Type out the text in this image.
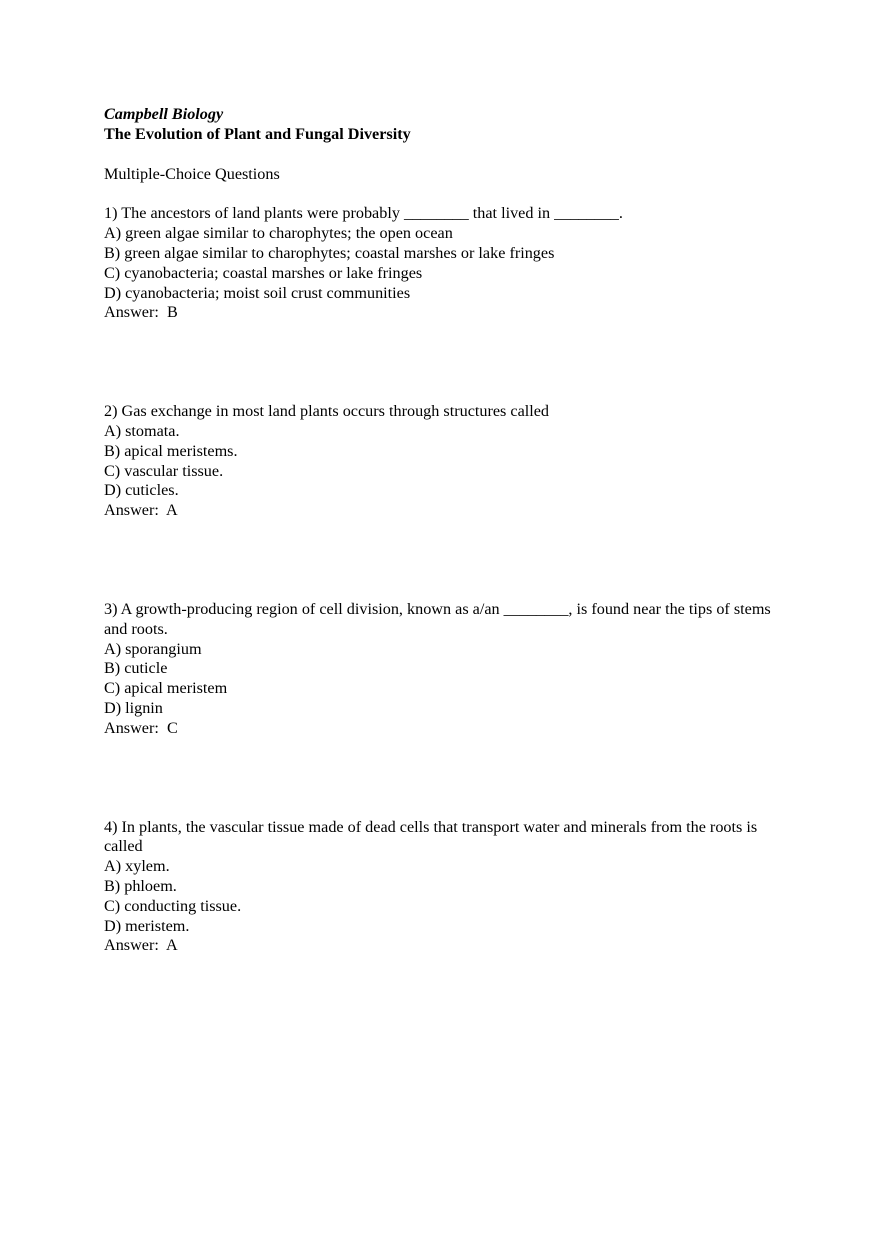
Campbell Biology
The Evolution of Plant and Fungal Diversity
Multiple-Choice Questions
1) The ancestors of land plants were probably ________ that lived in ________.
A) green algae similar to charophytes; the open ocean
B) green algae similar to charophytes; coastal marshes or lake fringes
C) cyanobacteria; coastal marshes or lake fringes
D) cyanobacteria; moist soil crust communities
Answer:  B
2) Gas exchange in most land plants occurs through structures called
A) stomata.
B) apical meristems.
C) vascular tissue.
D) cuticles.
Answer:  A
3) A growth-producing region of cell division, known as a/an ________, is found near the tips of stems and roots.
A) sporangium
B) cuticle
C) apical meristem
D) lignin
Answer:  C
4) In plants, the vascular tissue made of dead cells that transport water and minerals from the roots is called
A) xylem.
B) phloem.
C) conducting tissue.
D) meristem.
Answer:  A
